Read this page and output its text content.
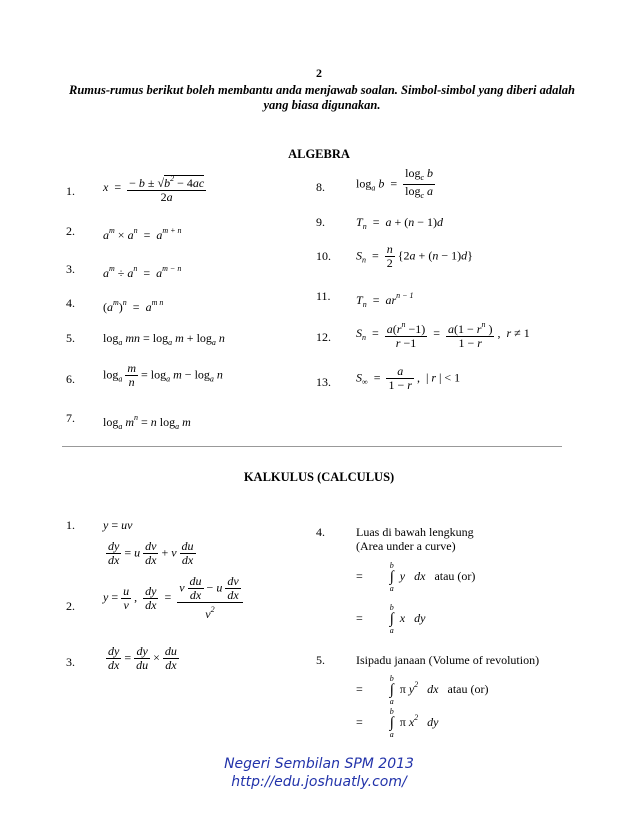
2
Rumus-rumus berikut boleh membantu anda menjawab soalan. Simbol-simbol yang diberi adalah yang biasa digunakan.
ALGEBRA
1. $x = \frac{- b \pm √b^2 - 4ac}{2a}$
2. $a^m \times a^n = a^{m + n}$
3. $a^m \div a^n = a^{m - n}$
4. $(a^m)^n = a^{m n}$
5. $\log_a$ mn = $\log_a m + \log_a n$
6. $\log_a \frac{m}{n} = \log_a m - \log_a n$
7. $\log_a m^n = n$ $\log_a m$
8.	$\log_a b = \frac{\log_c b}{\log_c a}$
9.	$T_n = a + (n - 1)d$
10. $S_n = \frac{n}{2} \{2a + (n - 1)d\}$
11. $T_n = ar^{n - 1}$
12. $S_n = \frac{a(r^n -1)}{r -1} = \frac{a(1 - r^n )}{1 - r}$ ,  r ≠ 1
13. $S_\infty = \frac{a}{1 - r}$ ,  | r | < 1
KALKULUS (CALCULUS)
1. y = uv
$\frac{dy}{dx} = u \frac{dv}{dx} + v \frac{du}{dx}$
2.
$y = \frac{u}{v}$ , $\frac{dy}{dx} = \frac{v \frac{du}{dx} - u \frac{dv}{dx}}{v^2}$
3.	$\frac{dy}{dx} = \frac{dy}{du} \times \frac{du}{dx}$
4.	Luas di bawah lengkung
(Area under a curve)
=
b
∫
a
y dx atau (or)
=
b
∫
a
x dy
5.	Isipadu janaan (Volume of revolution)
=
b
∫
a
π $y^2$ dx atau (or)
=
b
∫
a
π $x^2$ dy
Negeri Sembilan SPM 2013
http://edu.joshuatly.com/
